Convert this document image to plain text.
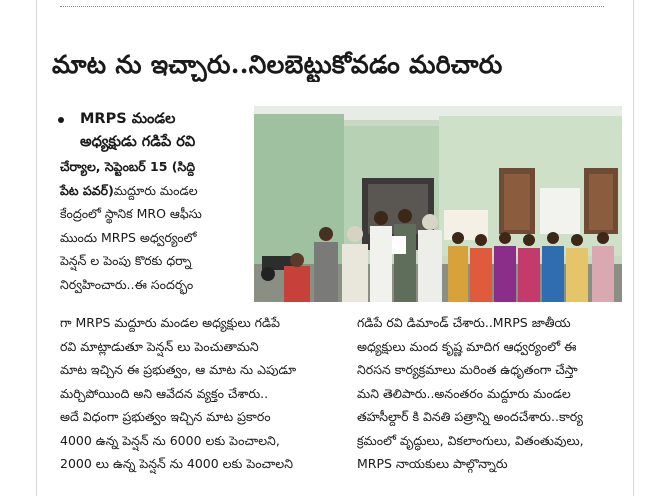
మాట ను ఇచ్చారు..నిలబెట్టుకోవడం మరిచారు
MRPS మండల
అధ్యక్షుడు గడిపే రవి
చేర్యాల, సెప్టెంబర్ 15 (సిద్ది
పేట పవర్)మద్దూరు మండల
కేంద్రంలో స్థానిక MRO ఆఫీసు
ముందు MRPS అధ్వర్యంలో
పెన్షన్ ల పెంపు కొరకు ధర్నా
నిర్వహించారు..ఈ సందర్భం
గా MRPS మద్దూరు మండల అధ్యక్షులు గడిపే
రవి మాట్లాడుతూ పెన్షన్ లు పెంచుతామని
మాట ఇచ్చిన ఈ ప్రభుత్వం, ఆ మాట ను ఎపుడూ
మర్చిపోయింది అని ఆవేదన వ్యక్తం చేశారు..
అదే విధంగా ప్రభుత్వం ఇచ్చిన మాట ప్రకారం
4000 ఉన్న పెన్షన్ ను 6000 లకు పెంచాలని,
2000 లు ఉన్న పెన్షన్ ను 4000 లకు పెంచాలని
గడిపే రవి డిమాండ్ చేశారు..MRPS జాతీయ
అధ్యక్షులు మంద కృష్ణ మాదిగ ఆధ్వర్యంలో ఈ
నిరసన కార్యక్రమాలు మరింత ఉధృతంగా చేస్తా
మని తెలిపారు..అనంతరం మద్దూరు మండల
తహసీల్దార్ కి వినతి పత్రాన్ని అందచేశారు..కార్య
క్రమంలో వృద్ధులు, వికలాంగులు, వితంతువులు,
MRPS నాయకులు పాల్గొన్నారు
